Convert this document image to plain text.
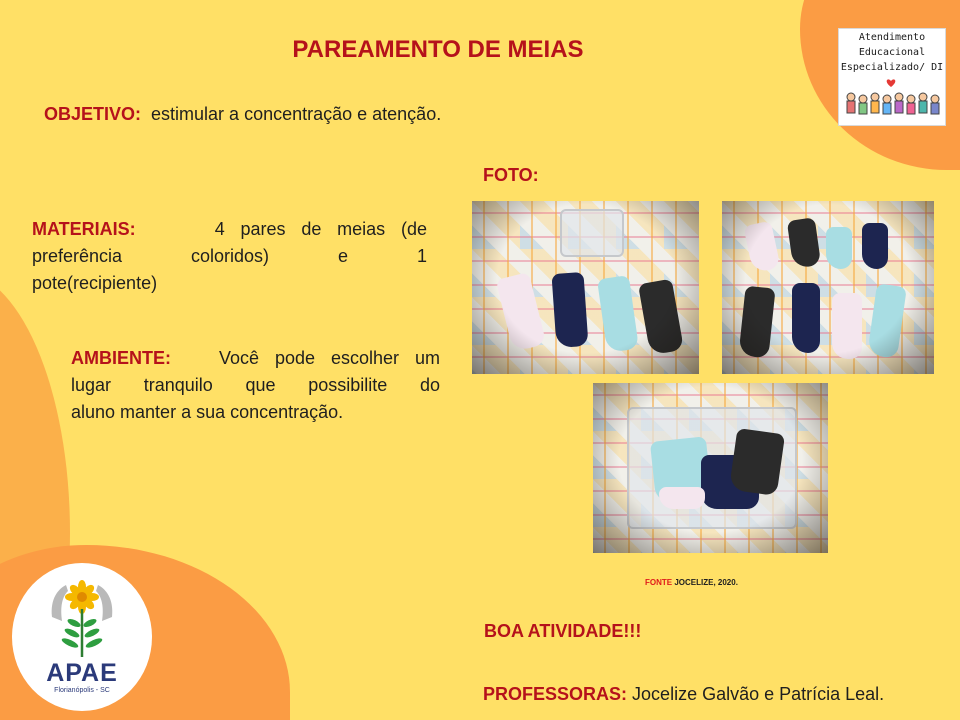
Atendimento
Educacional
Especializado/ DI
PAREAMENTO DE MEIAS
OBJETIVO: estimular a concentração e atenção.
FOTO:
MATERIAIS:	4 pares de meias (de
preferência coloridos) e 1
pote(recipiente)
AMBIENTE:	Você pode escolher um
lugar tranquilo que possibilite do
aluno manter a sua concentração.
FONTE JOCELIZE, 2020.
BOA ATIVIDADE!!!
PROFESSORAS: Jocelize Galvão e Patrícia Leal.
APAE
Florianópolis - SC
